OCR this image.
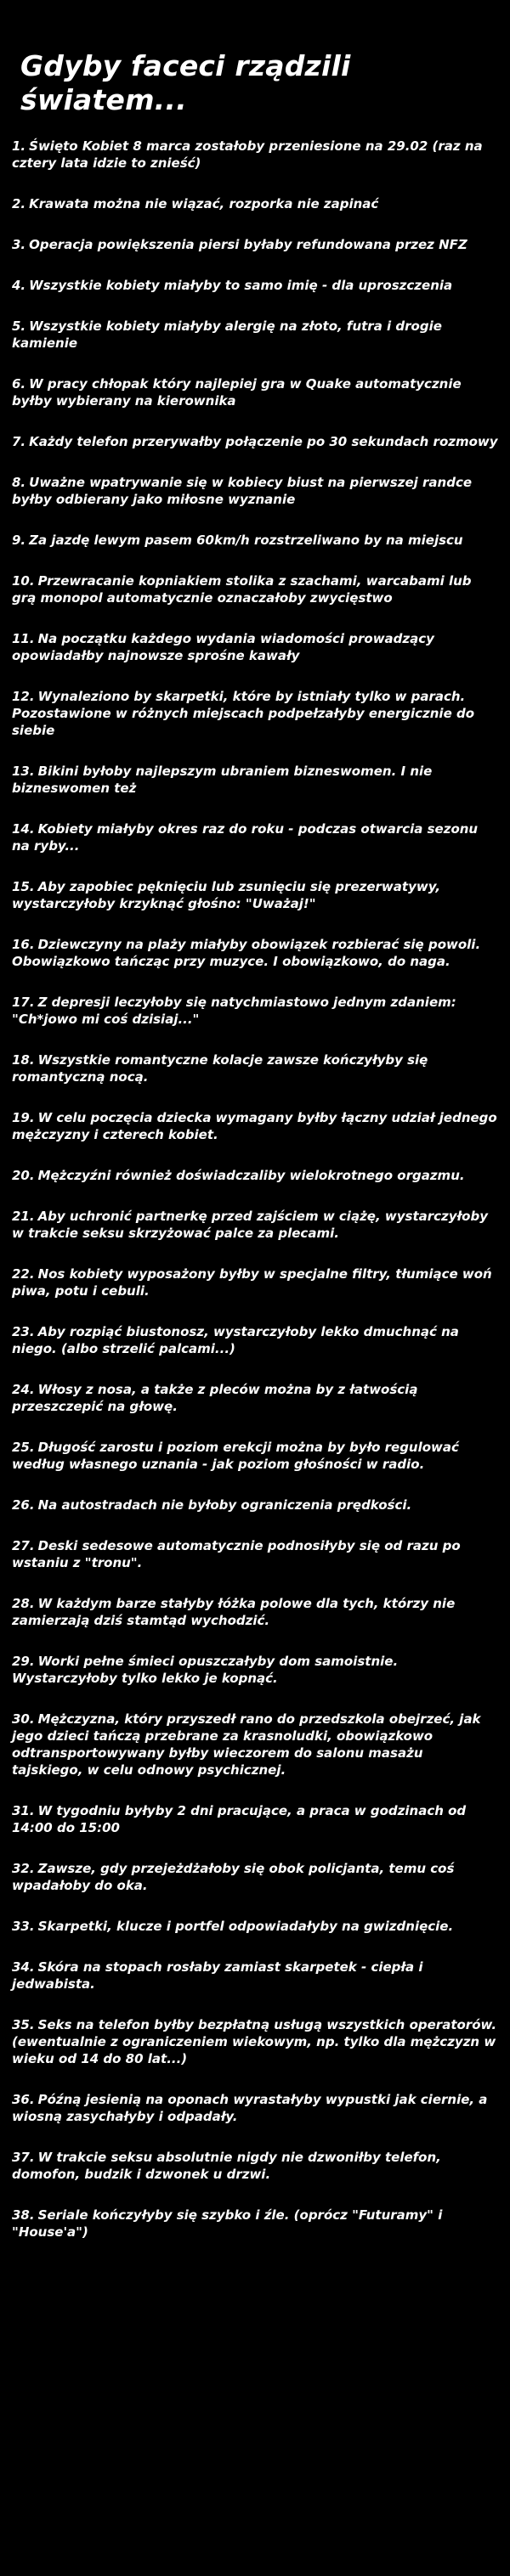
Gdyby faceci rządzili światem...
1. Święto Kobiet 8 marca zostałoby przeniesione na 29.02 (raz na cztery lata idzie to znieść)
2. Krawata można nie wiązać, rozporka nie zapinać
3. Operacja powiększenia piersi byłaby refundowana przez NFZ
4. Wszystkie kobiety miałyby to samo imię - dla uproszczenia
5. Wszystkie kobiety miałyby alergię na złoto, futra i drogie kamienie
6. W pracy chłopak który najlepiej gra w Quake automatycznie byłby wybierany na kierownika
7. Każdy telefon przerywałby połączenie po 30 sekundach rozmowy
8. Uważne wpatrywanie się w kobiecy biust na pierwszej randce byłby odbierany jako miłosne wyznanie
9. Za jazdę lewym pasem 60km/h rozstrzeliwano by na miejscu
10. Przewracanie kopniakiem stolika z szachami, warcabami lub grą monopol automatycznie oznaczałoby zwycięstwo
11. Na początku każdego wydania wiadomości prowadzący opowiadałby najnowsze sprośne kawały
12. Wynaleziono by skarpetki, które by istniały tylko w parach. Pozostawione w różnych miejscach podpełzałyby energicznie do siebie
13. Bikini byłoby najlepszym ubraniem bizneswomen. I nie bizneswomen też
14. Kobiety miałyby okres raz do roku - podczas otwarcia sezonu na ryby...
15. Aby zapobiec pęknięciu lub zsunięciu się prezerwatywy, wystarczyłoby krzyknąć głośno: "Uważaj!"
16. Dziewczyny na plaży miałyby obowiązek rozbierać się powoli. Obowiązkowo tańcząc przy muzyce. I obowiązkowo, do naga.
17. Z depresji leczyłoby się natychmiastowo jednym zdaniem: "Ch*jowo mi coś dzisiaj..."
18. Wszystkie romantyczne kolacje zawsze kończyłyby się romantyczną nocą.
19. W celu poczęcia dziecka wymagany byłby łączny udział jednego mężczyzny i czterech kobiet.
20. Mężczyźni również doświadczaliby wielokrotnego orgazmu.
21. Aby uchronić partnerkę przed zajściem w ciążę, wystarczyłoby w trakcie seksu skrzyżować palce za plecami.
22. Nos kobiety wyposażony byłby w specjalne filtry, tłumiące woń piwa, potu i cebuli.
23. Aby rozpiąć biustonosz, wystarczyłoby lekko dmuchnąć na niego. (albo strzelić palcami...)
24. Włosy z nosa, a także z pleców można by z łatwością przeszczepić na głowę.
25. Długość zarostu i poziom erekcji można by było regulować według własnego uznania - jak poziom głośności w radio.
26. Na autostradach nie byłoby ograniczenia prędkości.
27. Deski sedesowe automatycznie podnosiłyby się od razu po wstaniu z "tronu".
28. W każdym barze stałyby łóżka polowe dla tych, którzy nie zamierzają dziś stamtąd wychodzić.
29. Worki pełne śmieci opuszczałyby dom samoistnie. Wystarczyłoby tylko lekko je kopnąć.
30. Mężczyzna, który przyszedł rano do przedszkola obejrzeć, jak jego dzieci tańczą przebrane za krasnoludki, obowiązkowo odtransportowywany byłby wieczorem do salonu masażu tajskiego, w celu odnowy psychicznej.
31. W tygodniu byłyby 2 dni pracujące, a praca w godzinach od 14:00 do 15:00
32. Zawsze, gdy przejeżdżałoby się obok policjanta, temu coś wpadałoby do oka.
33. Skarpetki, klucze i portfel odpowiadałyby na gwizdnięcie.
34. Skóra na stopach rosłaby zamiast skarpetek - ciepła i jedwabista.
35. Seks na telefon byłby bezpłatną usługą wszystkich operatorów. (ewentualnie z ograniczeniem wiekowym, np. tylko dla mężczyzn w wieku od 14 do 80 lat...)
36. Późną jesienią na oponach wyrastałyby wypustki jak ciernie, a wiosną zasychałyby i odpadały.
37. W trakcie seksu absolutnie nigdy nie dzwoniłby telefon, domofon, budzik i dzwonek u drzwi.
38. Seriale kończyłyby się szybko i źle. (oprócz "Futuramy" i "House'a")
